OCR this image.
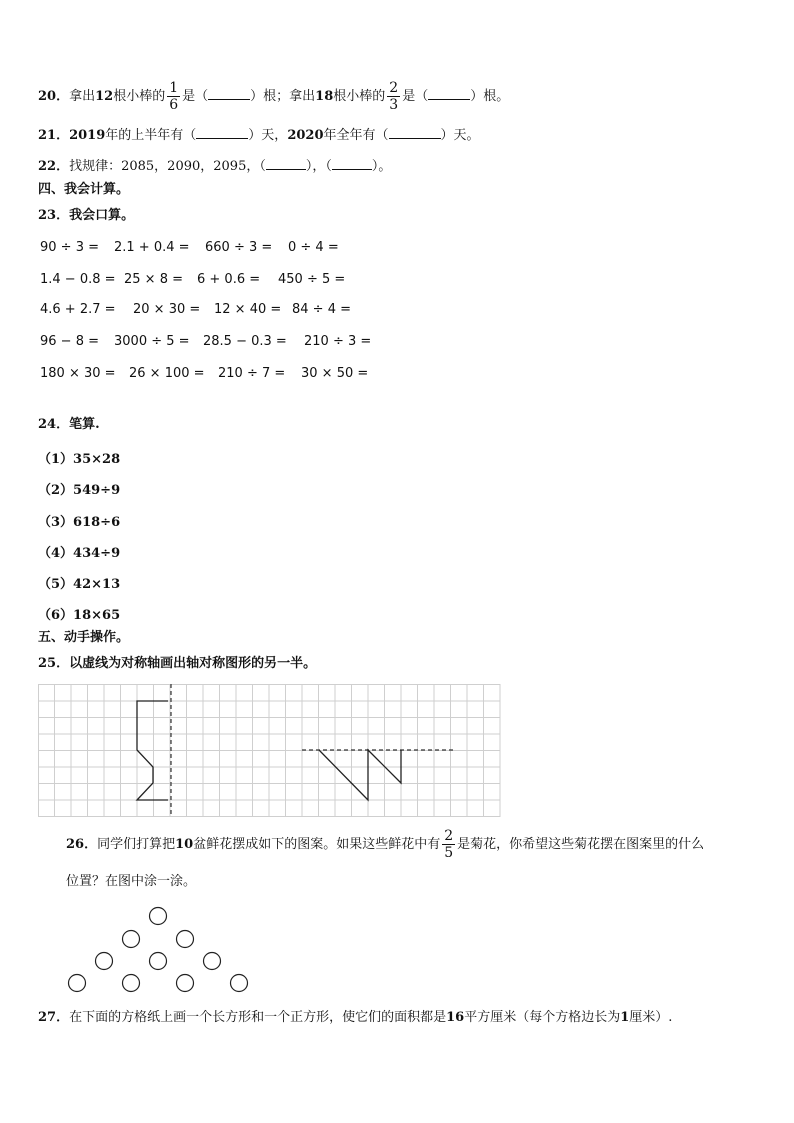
20．拿出12根小棒的 $\frac{1}{6}$ 是（	）根；拿出18根小棒的 $\frac{2}{3}$ 是（	）根。
21．2019年的上半年有（	）天，2020年全年有（	）天。
22．找规律：2085，2090，2095，（	），（	）。
四、我会计算。
23．我会口算。
90 ÷ 3 = 2.1 + 0.4 = 660 ÷ 3 = 0 ÷ 4 =
1.4 − 0.8 = 25 × 8 = 6 + 0.6 = 450 ÷ 5 =
4.6 + 2.7 = 20 × 30 = 12 × 40 = 84 ÷ 4 =
96 − 8 = 3000 ÷ 5 = 28.5 − 0.3 = 210 ÷ 3 =
180 × 30 = 26 × 100 = 210 ÷ 7 = 30 × 50 =
24．笔算.
（1）35×28
（2）549÷9
（3）618÷6
（4）434÷9
（5）42×13
（6）18×65
五、动手操作。
25．以虚线为对称轴画出轴对称图形的另一半。
26．同学们打算把10盆鲜花摆成如下的图案。如果这些鲜花中有 $\frac{2}{5}$ 是菊花，你希望这些菊花摆在图案里的什么
位置？在图中涂一涂。
27．在下面的方格纸上画一个长方形和一个正方形，使它们的面积都是16平方厘米（每个方格边长为1厘米）.
